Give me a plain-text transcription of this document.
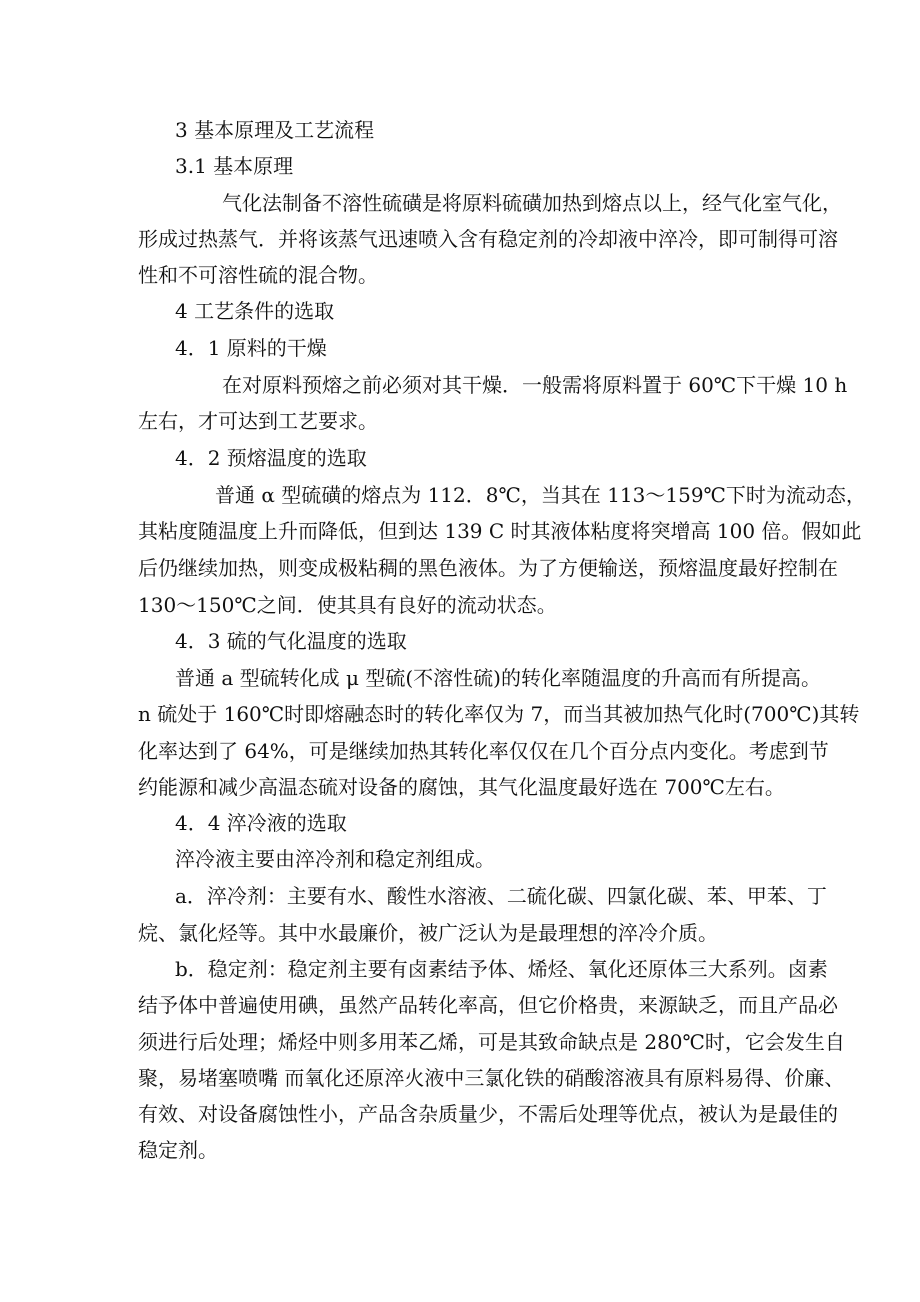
3 基本原理及工艺流程
3.1 基本原理
气化法制备不溶性硫磺是将原料硫磺加热到熔点以上，经气化室气化，
形成过热蒸气．并将该蒸气迅速喷入含有稳定剂的冷却液中淬冷，即可制得可溶
性和不可溶性硫的混合物。
4 工艺条件的选取
4．1 原料的干燥
在对原料预熔之前必须对其干燥．一般需将原料置于 60℃下干燥 10 h
左右，才可达到工艺要求。
4．2 预熔温度的选取
普通 α 型硫磺的熔点为 112．8℃，当其在 113～159℃下时为流动态，
其粘度随温度上升而降低，但到达 139 C 时其液体粘度将突增高 100 倍。假如此
后仍继续加热，则变成极粘稠的黑色液体。为了方便输送，预熔温度最好控制在
130～150℃之间．使其具有良好的流动状态。
4．3 硫的气化温度的选取
普通 a 型硫转化成 μ 型硫(不溶性硫)的转化率随温度的升高而有所提高。
n 硫处于 160℃时即熔融态时的转化率仅为 7，而当其被加热气化时(700℃)其转
化率达到了 64%，可是继续加热其转化率仅仅在几个百分点内变化。考虑到节
约能源和减少高温态硫对设备的腐蚀，其气化温度最好选在 700℃左右。
4．4 淬冷液的选取
淬冷液主要由淬冷剂和稳定剂组成。
a．淬冷剂：主要有水、酸性水溶液、二硫化碳、四氯化碳、苯、甲苯、丁
烷、氯化烃等。其中水最廉价，被广泛认为是最理想的淬冷介质。
b．稳定剂：稳定剂主要有卤素结予体、烯烃、氧化还原体三大系列。卤素
结予体中普遍使用碘，虽然产品转化率高，但它价格贵，来源缺乏，而且产品必
须进行后处理；烯烃中则多用苯乙烯，可是其致命缺点是 280℃时，它会发生自
聚，易堵塞喷嘴 而氧化还原淬火液中三氯化铁的硝酸溶液具有原料易得、价廉、
有效、对设备腐蚀性小，产品含杂质量少，不需后处理等优点，被认为是最佳的
稳定剂。
